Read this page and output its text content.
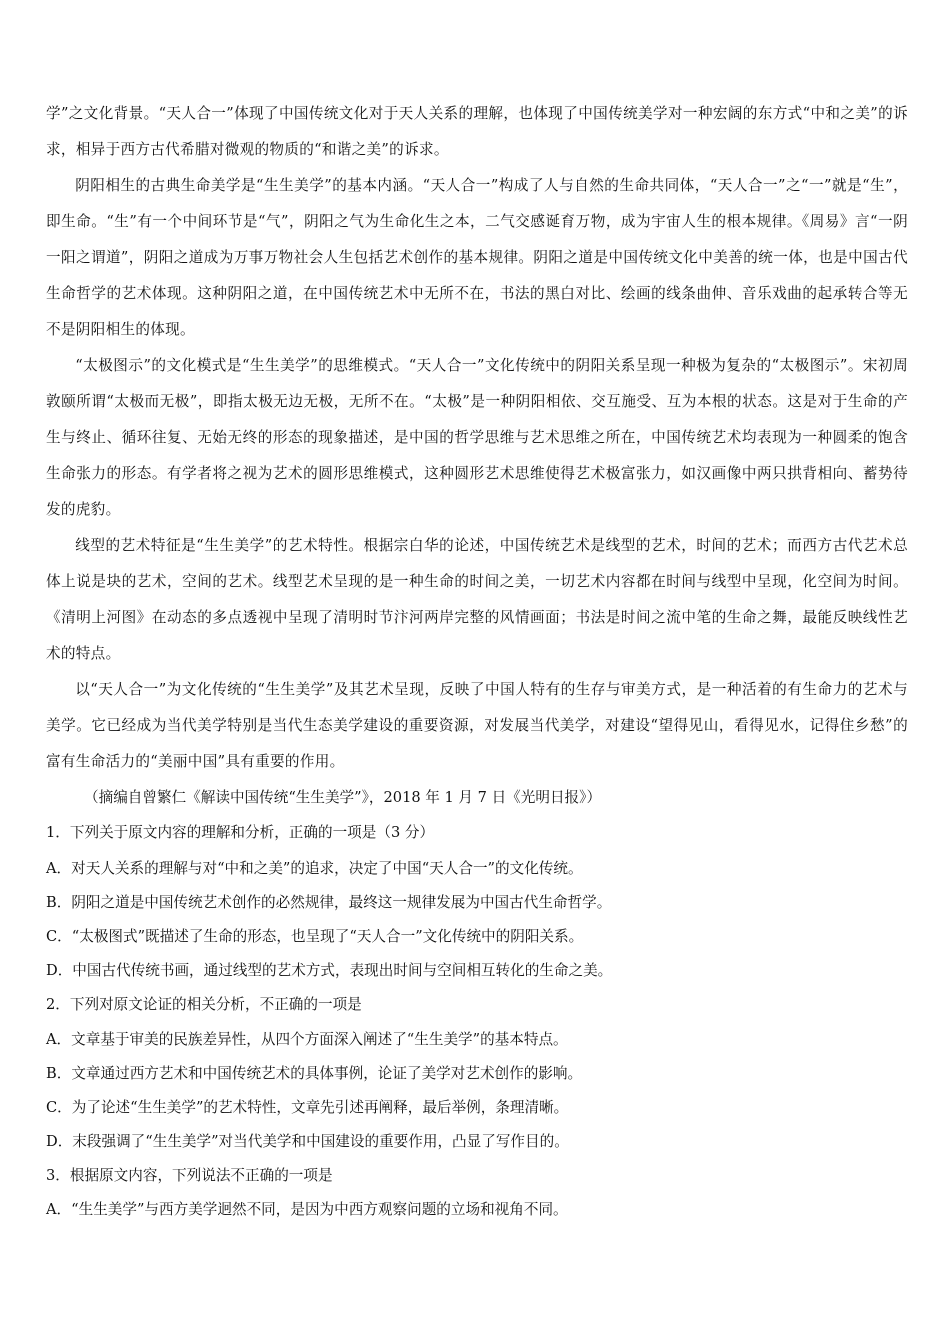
学”之文化背景。“天人合一”体现了中国传统文化对于天人关系的理解，也体现了中国传统美学对一种宏阔的东方式“中和之美”的诉求，相异于西方古代希腊对微观的物质的“和谐之美”的诉求。

阴阳相生的古典生命美学是“生生美学”的基本内涵。“天人合一”构成了人与自然的生命共同体，“天人合一”之“一”就是“生”，即生命。“生”有一个中间环节是“气”，阴阳之气为生命化生之本，二气交感诞育万物，成为宇宙人生的根本规律。《周易》言“一阴一阳之谓道”，阴阳之道成为万事万物社会人生包括艺术创作的基本规律。阴阳之道是中国传统文化中美善的统一体，也是中国古代生命哲学的艺术体现。这种阴阳之道，在中国传统艺术中无所不在，书法的黑白对比、绘画的线条曲伸、音乐戏曲的起承转合等无不是阴阳相生的体现。

“太极图示”的文化模式是“生生美学”的思维模式。“天人合一”文化传统中的阴阳关系呈现一种极为复杂的“太极图示”。宋初周敦颐所谓“太极而无极”，即指太极无边无极，无所不在。“太极”是一种阴阳相依、交互施受、互为本根的状态。这是对于生命的产生与终止、循环往复、无始无终的形态的现象描述，是中国的哲学思维与艺术思维之所在，中国传统艺术均表现为一种圆柔的饱含生命张力的形态。有学者将之视为艺术的圆形思维模式，这种圆形艺术思维使得艺术极富张力，如汉画像中两只拱背相向、蓄势待发的虎豹。

线型的艺术特征是“生生美学”的艺术特性。根据宗白华的论述，中国传统艺术是线型的艺术，时间的艺术；而西方古代艺术总体上说是块的艺术，空间的艺术。线型艺术呈现的是一种生命的时间之美，一切艺术内容都在时间与线型中呈现，化空间为时间。《清明上河图》在动态的多点透视中呈现了清明时节汴河两岸完整的风情画面；书法是时间之流中笔的生命之舞，最能反映线性艺术的特点。

以“天人合一”为文化传统的“生生美学”及其艺术呈现，反映了中国人特有的生存与审美方式，是一种活着的有生命力的艺术与美学。它已经成为当代美学特别是当代生态美学建设的重要资源，对发展当代美学，对建设“望得见山，看得见水，记得住乡愁”的富有生命活力的“美丽中国”具有重要的作用。

（摘编自曾繁仁《解读中国传统“生生美学”》，2018 年 1 月 7 日《光明日报》）

1．下列关于原文内容的理解和分析，正确的一项是（3 分）

A．对天人关系的理解与对“中和之美”的追求，决定了中国“天人合一”的文化传统。

B．阴阳之道是中国传统艺术创作的必然规律，最终这一规律发展为中国古代生命哲学。

C．“太极图式”既描述了生命的形态，也呈现了“天人合一”文化传统中的阴阳关系。

D．中国古代传统书画，通过线型的艺术方式，表现出时间与空间相互转化的生命之美。

2．下列对原文论证的相关分析，不正确的一项是

A．文章基于审美的民族差异性，从四个方面深入阐述了“生生美学”的基本特点。

B．文章通过西方艺术和中国传统艺术的具体事例，论证了美学对艺术创作的影响。

C．为了论述“生生美学”的艺术特性，文章先引述再阐释，最后举例，条理清晰。

D．末段强调了“生生美学”对当代美学和中国建设的重要作用，凸显了写作目的。

3．根据原文内容，下列说法不正确的一项是

A．“生生美学”与西方美学迥然不同，是因为中西方观察问题的立场和视角不同。
